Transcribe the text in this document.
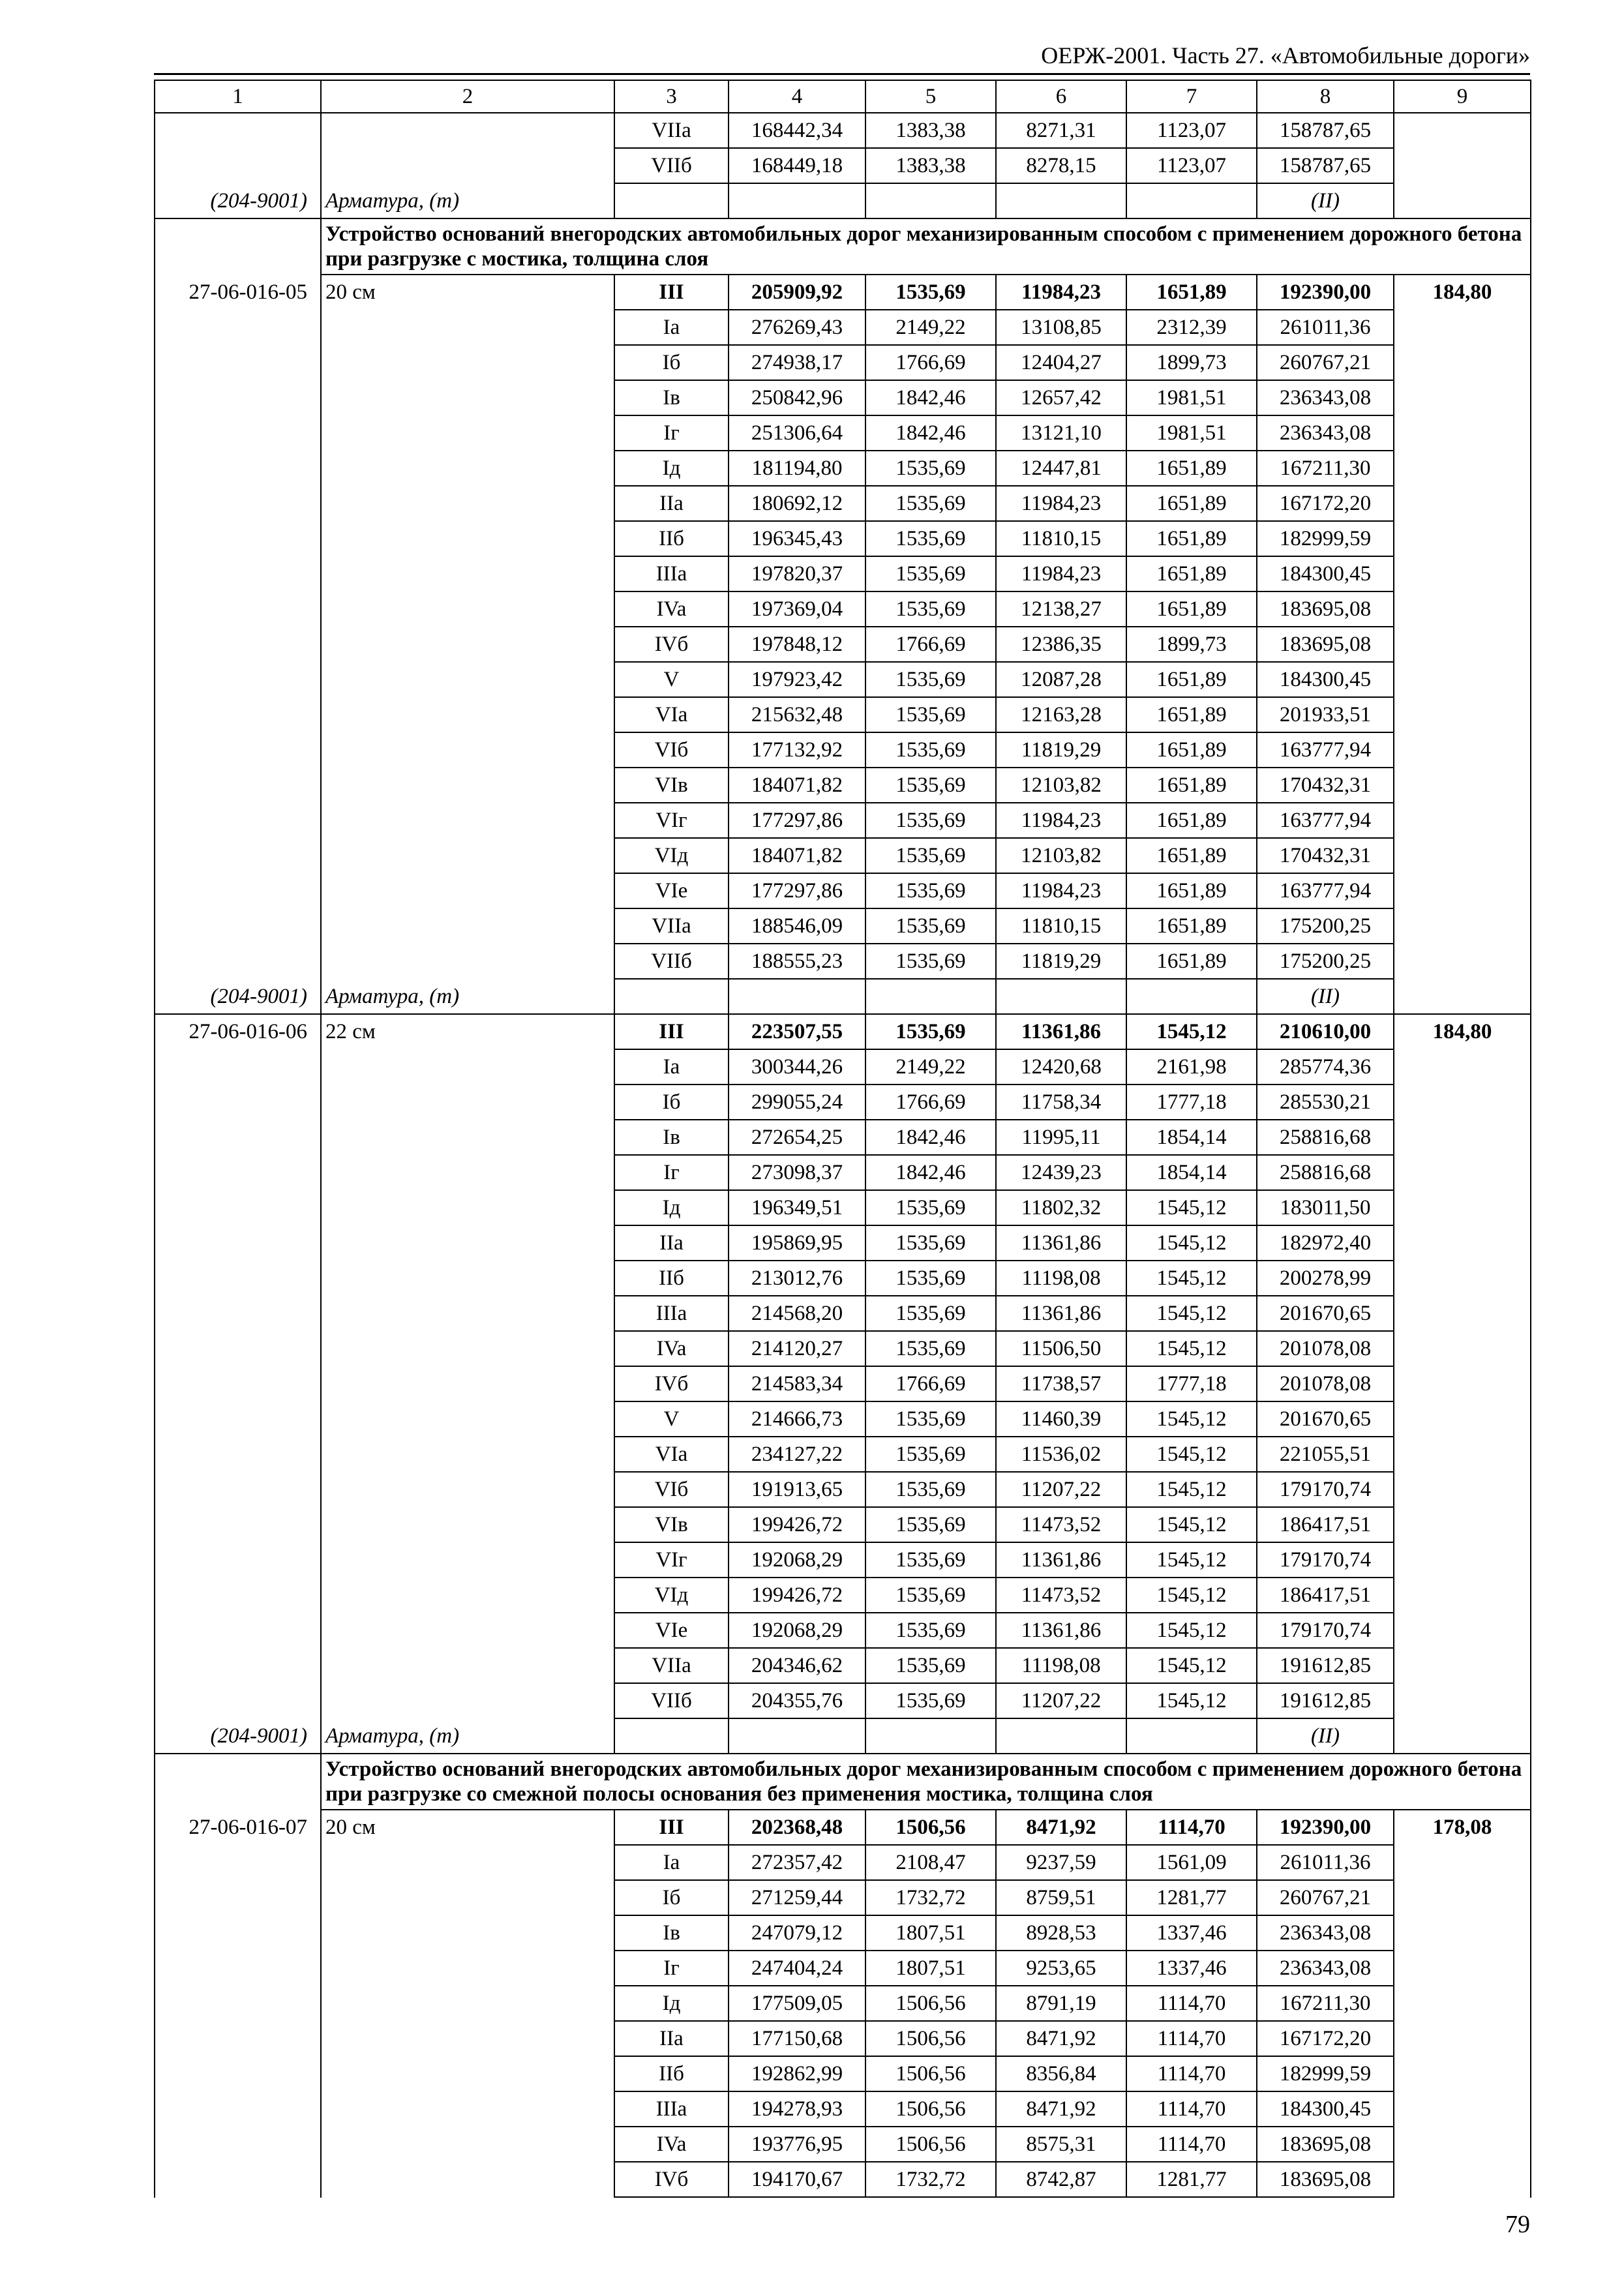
ОЕРЖ-2001. Часть 27. «Автомобильные дороги»
1	2	3	4	5	6	7	8	9
		VIIa	168442,34	1383,38	8271,31	1123,07	158787,65	
		VIIб	168449,18	1383,38	8278,15	1123,07	158787,65	
(204-9001)	Арматура, (т)						(II)	
	Устройство оснований внегородских автомобильных дорог механизированным способом с применением дорожного бетона при разгрузке с мостика, толщина слоя							
27-06-016-05	20 см	III	205909,92	1535,69	11984,23	1651,89	192390,00	184,80
		Ia	276269,43	2149,22	13108,85	2312,39	261011,36	
		Iб	274938,17	1766,69	12404,27	1899,73	260767,21	
		Iв	250842,96	1842,46	12657,42	1981,51	236343,08	
		Iг	251306,64	1842,46	13121,10	1981,51	236343,08	
		Iд	181194,80	1535,69	12447,81	1651,89	167211,30	
		IIa	180692,12	1535,69	11984,23	1651,89	167172,20	
		IIб	196345,43	1535,69	11810,15	1651,89	182999,59	
		IIIa	197820,37	1535,69	11984,23	1651,89	184300,45	
		IVa	197369,04	1535,69	12138,27	1651,89	183695,08	
		IVб	197848,12	1766,69	12386,35	1899,73	183695,08	
		V	197923,42	1535,69	12087,28	1651,89	184300,45	
		VIa	215632,48	1535,69	12163,28	1651,89	201933,51	
		VIб	177132,92	1535,69	11819,29	1651,89	163777,94	
		VIв	184071,82	1535,69	12103,82	1651,89	170432,31	
		VIг	177297,86	1535,69	11984,23	1651,89	163777,94	
		VIд	184071,82	1535,69	12103,82	1651,89	170432,31	
		VIe	177297,86	1535,69	11984,23	1651,89	163777,94	
		VIIa	188546,09	1535,69	11810,15	1651,89	175200,25	
		VIIб	188555,23	1535,69	11819,29	1651,89	175200,25	
(204-9001)	Арматура, (т)						(II)	
27-06-016-06	22 см	III	223507,55	1535,69	11361,86	1545,12	210610,00	184,80
		Ia	300344,26	2149,22	12420,68	2161,98	285774,36	
		Iб	299055,24	1766,69	11758,34	1777,18	285530,21	
		Iв	272654,25	1842,46	11995,11	1854,14	258816,68	
		Iг	273098,37	1842,46	12439,23	1854,14	258816,68	
		Iд	196349,51	1535,69	11802,32	1545,12	183011,50	
		IIa	195869,95	1535,69	11361,86	1545,12	182972,40	
		IIб	213012,76	1535,69	11198,08	1545,12	200278,99	
		IIIa	214568,20	1535,69	11361,86	1545,12	201670,65	
		IVa	214120,27	1535,69	11506,50	1545,12	201078,08	
		IVб	214583,34	1766,69	11738,57	1777,18	201078,08	
		V	214666,73	1535,69	11460,39	1545,12	201670,65	
		VIa	234127,22	1535,69	11536,02	1545,12	221055,51	
		VIб	191913,65	1535,69	11207,22	1545,12	179170,74	
		VIв	199426,72	1535,69	11473,52	1545,12	186417,51	
		VIг	192068,29	1535,69	11361,86	1545,12	179170,74	
		VIд	199426,72	1535,69	11473,52	1545,12	186417,51	
		VIe	192068,29	1535,69	11361,86	1545,12	179170,74	
		VIIa	204346,62	1535,69	11198,08	1545,12	191612,85	
		VIIб	204355,76	1535,69	11207,22	1545,12	191612,85	
(204-9001)	Арматура, (т)						(II)	
	Устройство оснований внегородских автомобильных дорог механизированным способом с применением дорожного бетона при разгрузке со смежной полосы основания без применения мостика, толщина слоя							
27-06-016-07	20 см	III	202368,48	1506,56	8471,92	1114,70	192390,00	178,08
		Ia	272357,42	2108,47	9237,59	1561,09	261011,36	
		Iб	271259,44	1732,72	8759,51	1281,77	260767,21	
		Iв	247079,12	1807,51	8928,53	1337,46	236343,08	
		Iг	247404,24	1807,51	9253,65	1337,46	236343,08	
		Iд	177509,05	1506,56	8791,19	1114,70	167211,30	
		IIa	177150,68	1506,56	8471,92	1114,70	167172,20	
		IIб	192862,99	1506,56	8356,84	1114,70	182999,59	
		IIIa	194278,93	1506,56	8471,92	1114,70	184300,45	
		IVa	193776,95	1506,56	8575,31	1114,70	183695,08	
		IVб	194170,67	1732,72	8742,87	1281,77	183695,08	
79
